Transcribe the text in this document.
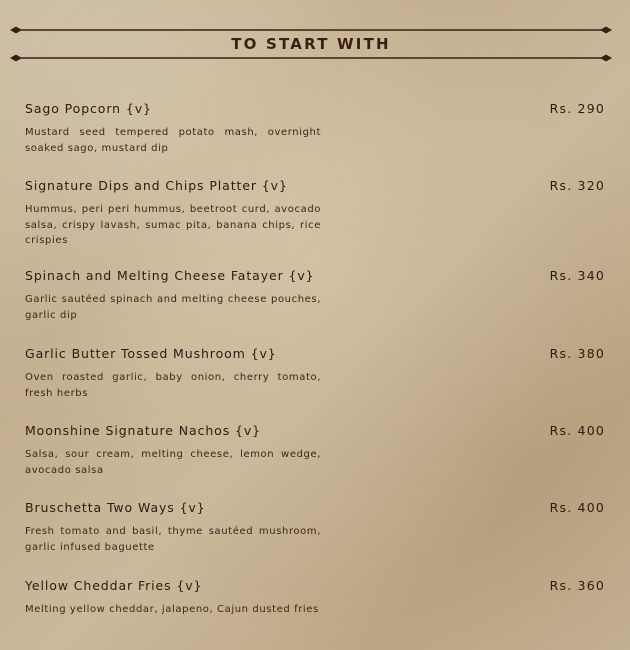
TO START WITH
Sago Popcorn {v}	Rs. 290
Mustard seed tempered potato mash, overnight soaked sago, mustard dip
Signature Dips and Chips Platter {v}	Rs. 320
Hummus, peri peri hummus, beetroot curd, avocado salsa, crispy lavash, sumac pita, banana chips, rice crispies
Spinach and Melting Cheese Fatayer {v}	Rs. 340
Garlic sautéed spinach and melting cheese pouches, garlic dip
Garlic Butter Tossed Mushroom {v}	Rs. 380
Oven roasted garlic, baby onion, cherry tomato, fresh herbs
Moonshine Signature Nachos {v}	Rs. 400
Salsa, sour cream, melting cheese, lemon wedge, avocado salsa
Bruschetta Two Ways {v}	Rs. 400
Fresh tomato and basil, thyme sautéed mushroom, garlic infused baguette
Yellow Cheddar Fries {v}	Rs. 360
Melting yellow cheddar, jalapeno, Cajun dusted fries
